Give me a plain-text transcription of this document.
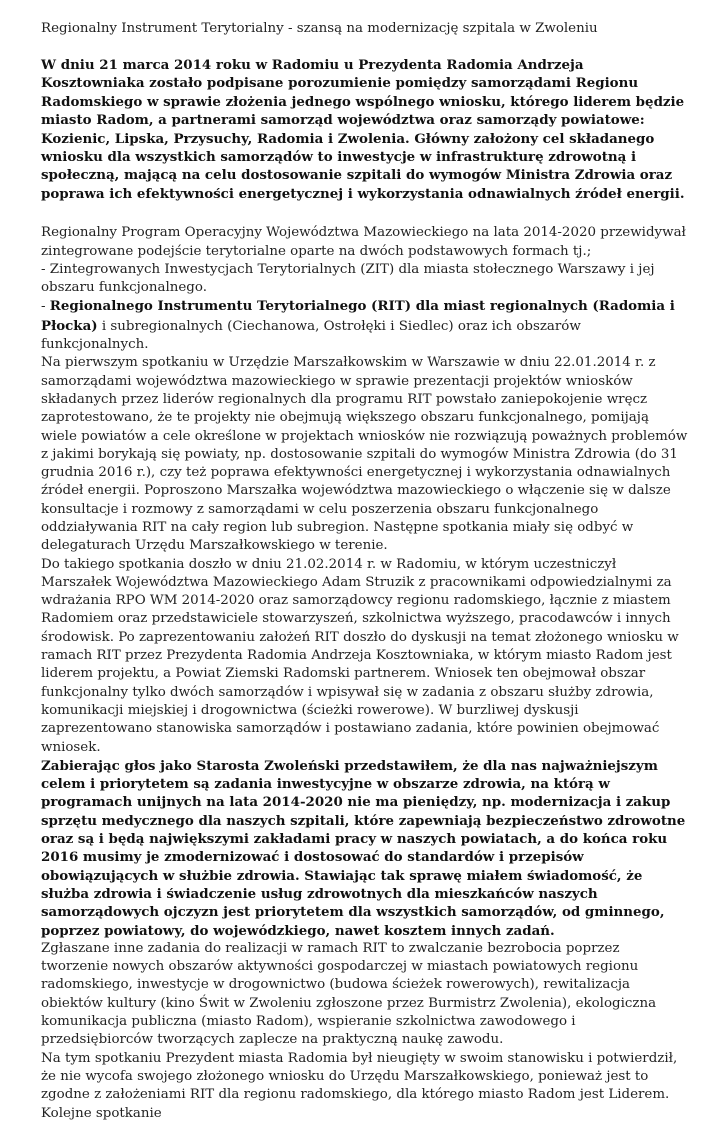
Regionalny Instrument Terytorialny - szansą na modernizację szpitala w Zwoleniu
W dniu 21 marca 2014 roku w Radomiu u Prezydenta Radomia Andrzeja Kosztowniaka zostało podpisane porozumienie pomiędzy samorządami Regionu Radomskiego w sprawie złożenia jednego wspólnego wniosku, którego liderem będzie miasto Radom, a partnerami samorząd województwa oraz samorządy powiatowe: Kozienic, Lipska, Przysuchy, Radomia i Zwolenia. Główny założony cel składanego wniosku dla wszystkich samorządów to inwestycje w infrastrukturę zdrowotną i społeczną, mającą na celu dostosowanie szpitali do wymogów Ministra Zdrowia oraz poprawa ich efektywności energetycznej i wykorzystania odnawialnych źródeł energii.

Regionalny Program Operacyjny Województwa Mazowieckiego na lata 2014-2020 przewidywał zintegrowane podejście terytorialne oparte na dwóch podstawowych formach tj.;

- Zintegrowanych Inwestycjach Terytorialnych (ZIT) dla miasta stołecznego Warszawy i jej obszaru funkcjonalnego.

- Regionalnego Instrumentu Terytorialnego (RIT) dla miast regionalnych (Radomia i Płocka) i subregionalnych (Ciechanowa, Ostrołęki i Siedlec) oraz ich obszarów funkcjonalnych.

Na pierwszym spotkaniu w Urzędzie Marszałkowskim w Warszawie w dniu 22.01.2014 r. z samorządami województwa mazowieckiego w sprawie prezentacji projektów wniosków składanych przez liderów regionalnych dla programu RIT powstało zaniepokojenie wręcz zaprotestowano, że te projekty nie obejmują większego obszaru funkcjonalnego, pomijają wiele powiatów a cele określone w projektach wniosków nie rozwiązują poważnych problemów z jakimi borykają się powiaty, np. dostosowanie szpitali do wymogów Ministra Zdrowia (do 31 grudnia 2016 r.), czy też poprawa efektywności energetycznej i wykorzystania odnawialnych źródeł energii. Poproszono Marszałka województwa mazowieckiego o włączenie się w dalsze konsultacje i rozmowy z samorządami w celu poszerzenia obszaru funkcjonalnego oddziaływania RIT na cały region lub subregion. Następne spotkania miały się odbyć w delegaturach Urzędu Marszałkowskiego w terenie.

Do takiego spotkania doszło w dniu 21.02.2014 r. w Radomiu, w którym uczestniczył Marszałek Województwa Mazowieckiego Adam Struzik z pracownikami odpowiedzialnymi za wdrażania RPO WM 2014-2020 oraz samorządowcy regionu radomskiego, łącznie z miastem Radomiem oraz przedstawiciele stowarzyszeń, szkolnictwa wyższego, pracodawców i innych środowisk. Po zaprezentowaniu założeń RIT doszło do dyskusji na temat złożonego wniosku w ramach RIT przez Prezydenta Radomia Andrzeja Kosztowniaka, w którym miasto Radom jest liderem projektu, a Powiat Ziemski Radomski partnerem. Wniosek ten obejmował obszar funkcjonalny tylko dwóch samorządów i wpisywał się w zadania z obszaru służby zdrowia, komunikacji miejskiej i drogownictwa (ścieżki rowerowe). W burzliwej dyskusji zaprezentowano stanowiska samorządów i postawiano zadania, które powinien obejmować wniosek.

Zabierając głos jako Starosta Zwoleński przedstawiłem, że dla nas najważniejszym celem i priorytetem są zadania inwestycyjne w obszarze zdrowia, na którą w programach unijnych na lata 2014-2020 nie ma pieniędzy, np. modernizacja i zakup sprzętu medycznego dla naszych szpitali, które zapewniają bezpieczeństwo zdrowotne oraz są i będą największymi zakładami pracy w naszych powiatach, a do końca roku 2016 musimy je zmodernizować i dostosować do standardów i przepisów obowiązujących w służbie zdrowia. Stawiając tak sprawę miałem świadomość, że służba zdrowia i świadczenie usług zdrowotnych dla mieszkańców naszych samorządowych ojczyzn jest priorytetem dla wszystkich samorządów, od gminnego, poprzez powiatowy, do wojewódzkiego, nawet kosztem innych zadań.

Zgłaszane inne zadania do realizacji w ramach RIT to zwalczanie bezrobocia poprzez tworzenie nowych obszarów aktywności gospodarczej w miastach powiatowych regionu radomskiego, inwestycje w drogownictwo (budowa ścieżek rowerowych), rewitalizacja obiektów kultury (kino Świt w Zwoleniu zgłoszone przez Burmistrz Zwolenia), ekologiczna komunikacja publiczna (miasto Radom), wspieranie szkolnictwa zawodowego i przedsiębiorców tworzących zaplecze na praktyczną naukę zawodu.

Na tym spotkaniu Prezydent miasta Radomia był nieugięty w swoim stanowisku i potwierdził, że nie wycofa swojego złożonego wniosku do Urzędu Marszałkowskiego, ponieważ jest to zgodne z założeniami RIT dla regionu radomskiego, dla którego miasto Radom jest Liderem. Kolejne spotkanie
